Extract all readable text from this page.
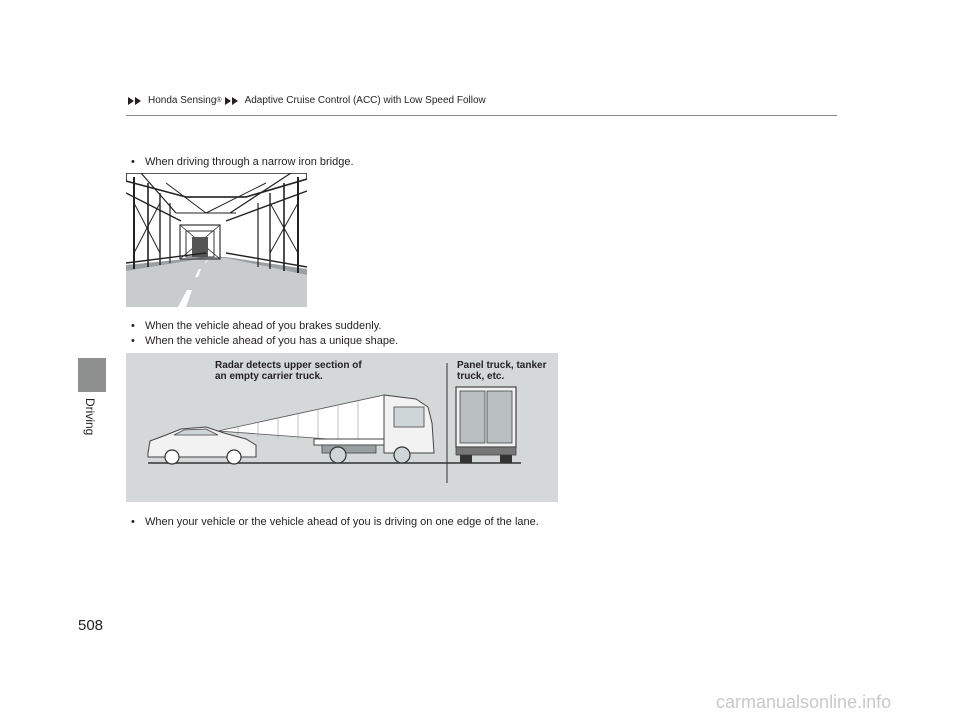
Driving
Honda Sensing ® Adaptive Cruise Control (ACC) with Low Speed Follow
• When driving through a narrow iron bridge.
• When the vehicle ahead of you brakes suddenly.
• When the vehicle ahead of you has a unique shape.
Radar detects upper section of
an empty carrier truck.
Panel truck, tanker
truck, etc.
• When your vehicle or the vehicle ahead of you is driving on one edge of the lane.
508
carmanualsonline.info
